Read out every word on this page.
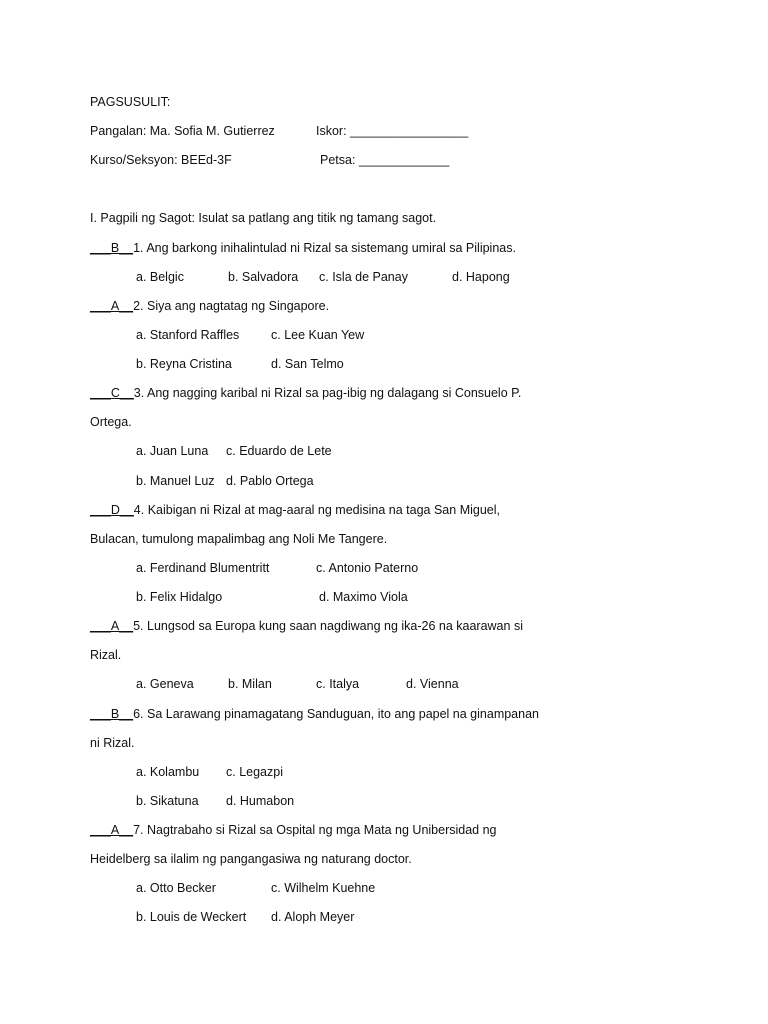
PAGSUSULIT:
Pangalan: Ma. Sofia M. Gutierrez	Iskor: _________________
Kurso/Seksyon: BEEd-3F	Petsa: _____________
I. Pagpili ng Sagot: Isulat sa patlang ang titik ng tamang sagot.
___B__1. Ang barkong inihalintulad ni Rizal sa sistemang umiral sa Pilipinas.
a. Belgic	b. Salvadora c. Isla de Panay	d. Hapong
___A__2. Siya ang nagtatag ng Singapore.
a. Stanford Raffles	c. Lee Kuan Yew
b. Reyna Cristina	d. San Telmo
___C__3. Ang nagging karibal ni Rizal sa pag-ibig ng dalagang si Consuelo P.
Ortega.
a. Juan Luna c. Eduardo de Lete
b. Manuel Luz d. Pablo Ortega
___D__4. Kaibigan ni Rizal at mag-aaral ng medisina na taga San Miguel,
Bulacan, tumulong mapalimbag ang Noli Me Tangere.
a. Ferdinand Blumentritt	c. Antonio Paterno
b. Felix Hidalgo	d. Maximo Viola
___A__5. Lungsod sa Europa kung saan nagdiwang ng ika-26 na kaarawan si
Rizal.
a. Geneva	b. Milan	c. Italya	d. Vienna
___B__6. Sa Larawang pinamagatang Sanduguan, ito ang papel na ginampanan
ni Rizal.
a. Kolambu c. Legazpi
b. Sikatuna d. Humabon
___A__7. Nagtrabaho si Rizal sa Ospital ng mga Mata ng Unibersidad ng
Heidelberg sa ilalim ng pangangasiwa ng naturang doctor.
a. Otto Becker	c. Wilhelm Kuehne
b. Louis de Weckert d. Aloph Meyer
